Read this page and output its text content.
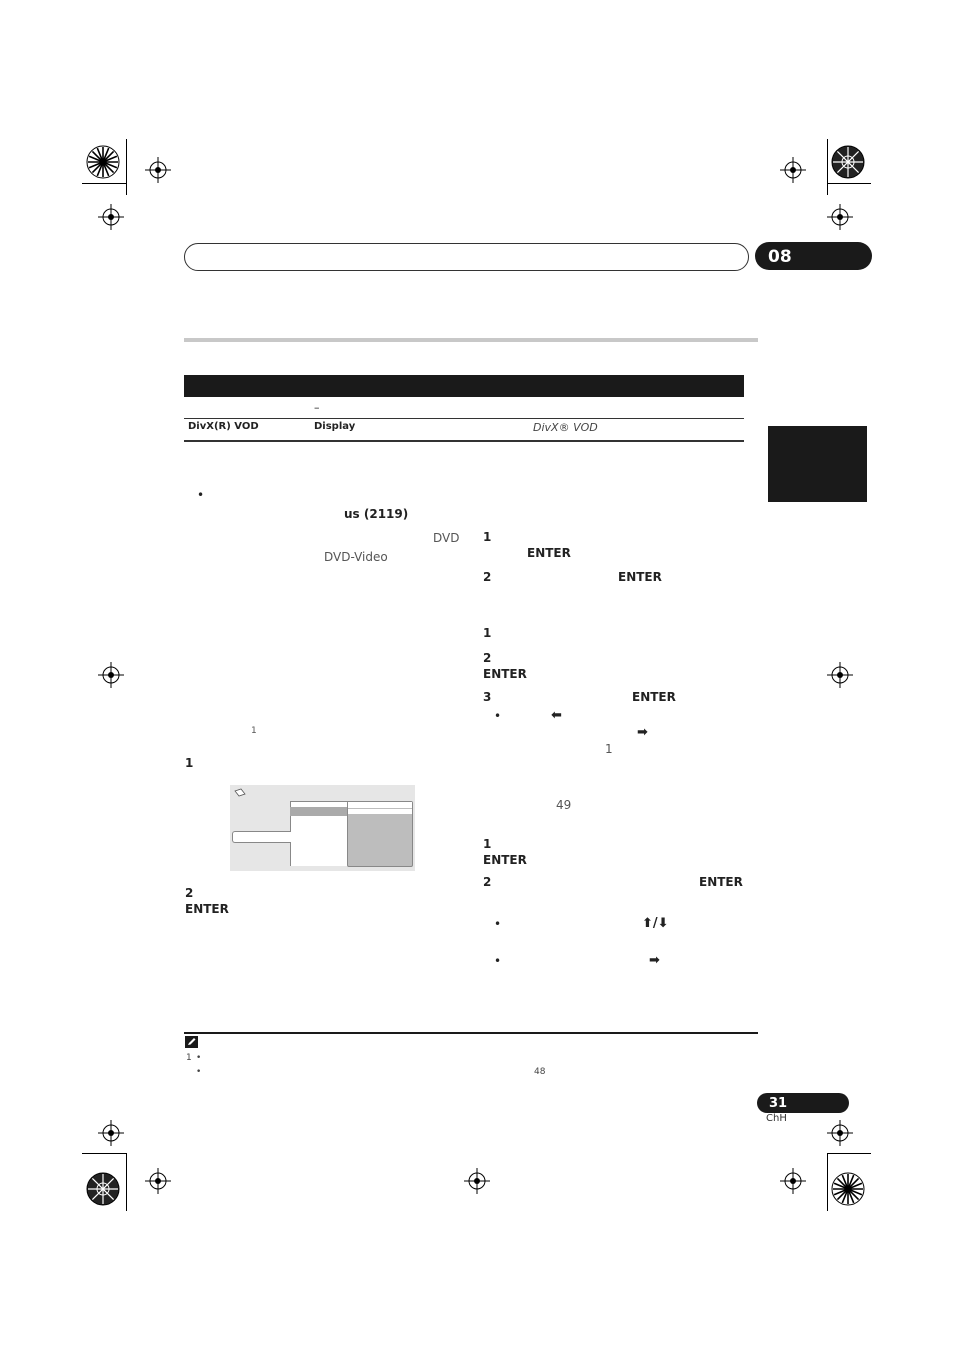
08
–
DivX(R) VOD	Display	DivX® VOD
•
us (2119)
DVD
DVD-Video
1
1
2
ENTER
1
ENTER
2	ENTER
1
2
ENTER
3	ENTER
•
⬅
➡
1
49
1
ENTER
2	ENTER
•
⬆/⬇
•
➡
1
•
•	48
31
ChH
